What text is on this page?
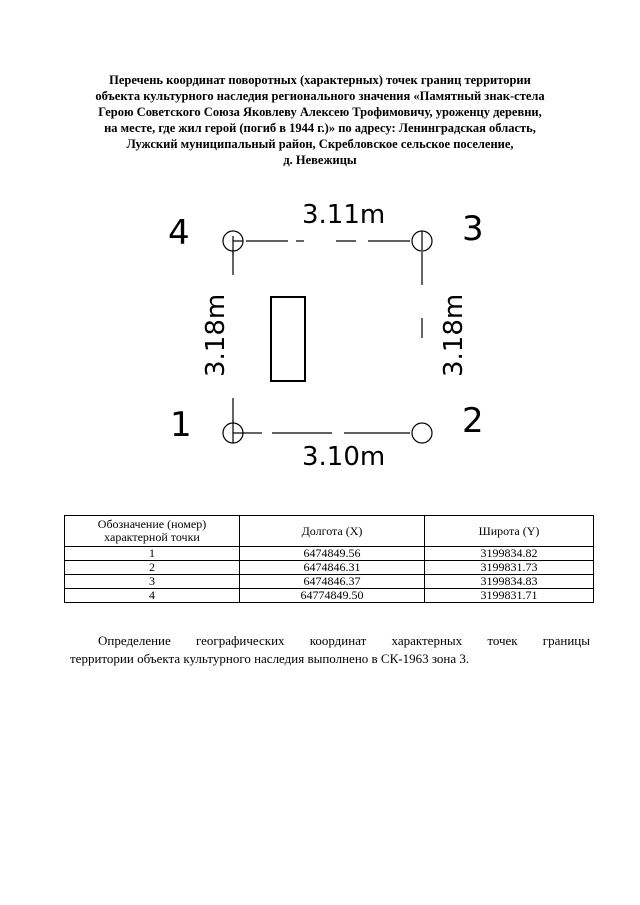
Перечень координат поворотных (характерных) точек границ территории
объекта культурного наследия регионального значения «Памятный знак-стела
Герою Советского Союза Яковлеву Алексею Трофимовичу, уроженцу деревни,
на месте, где жил герой (погиб в 1944 г.)» по адресу: Ленинградская область,
Лужский муниципальный район, Скребловское сельское поселение,
д. Невежицы
4	3
1	2
3.11m
3.10m
3.18m	3.18m
Обозначение (номер) характерной точки	Долгота (X)	Широта (Y)
1	6474849.56	3199834.82
2	6474846.31	3199831.73
3	6474846.37	3199834.83
4	64774849.50	3199831.71
Определение географических координат характерных точек границы
территории объекта культурного наследия выполнено в СК-1963 зона 3.
